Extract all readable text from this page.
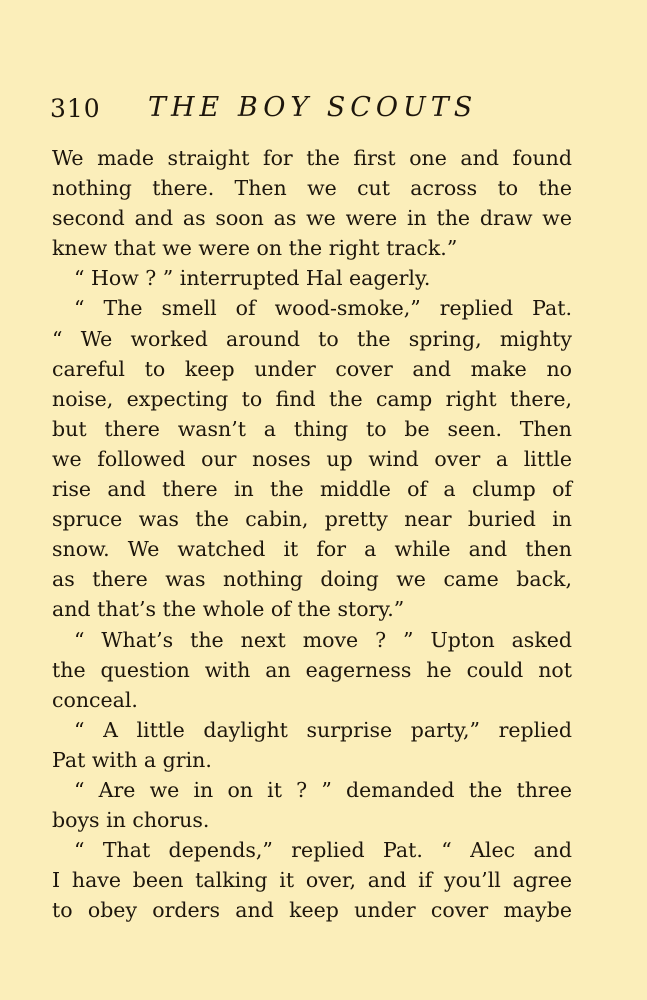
310 THE BOY SCOUTS
We made straight for the first one and found
nothing there. Then we cut across to the
second and as soon as we were in the draw we
knew that we were on the right track.”
“ How ? ” interrupted Hal eagerly.
“ The smell of wood-smoke,” replied Pat.
“ We worked around to the spring, mighty
careful to keep under cover and make no
noise, expecting to find the camp right there,
but there wasn’t a thing to be seen. Then
we followed our noses up wind over a little
rise and there in the middle of a clump of
spruce was the cabin, pretty near buried in
snow. We watched it for a while and then
as there was nothing doing we came back,
and that’s the whole of the story.”
“ What’s the next move ? ” Upton asked
the question with an eagerness he could not
conceal.
“ A little daylight surprise party,” replied
Pat with a grin.
“ Are we in on it ? ” demanded the three
boys in chorus.
“ That depends,” replied Pat. “ Alec and
I have been talking it over, and if you’ll agree
to obey orders and keep under cover maybe
